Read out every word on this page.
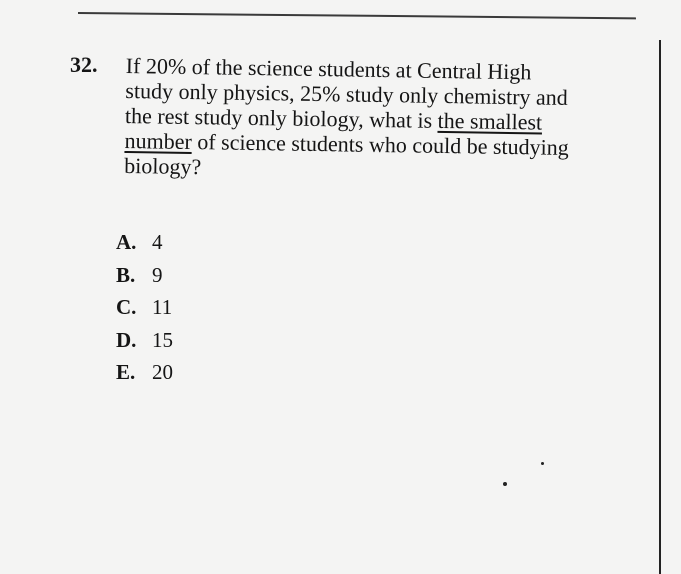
32. If 20% of the science students at Central High
study only physics, 25% study only chemistry and
the rest study only biology, what is the smallest
number of science students who could be studying
biology?
A. 4
B. 9
C. 11
D. 15
E. 20
